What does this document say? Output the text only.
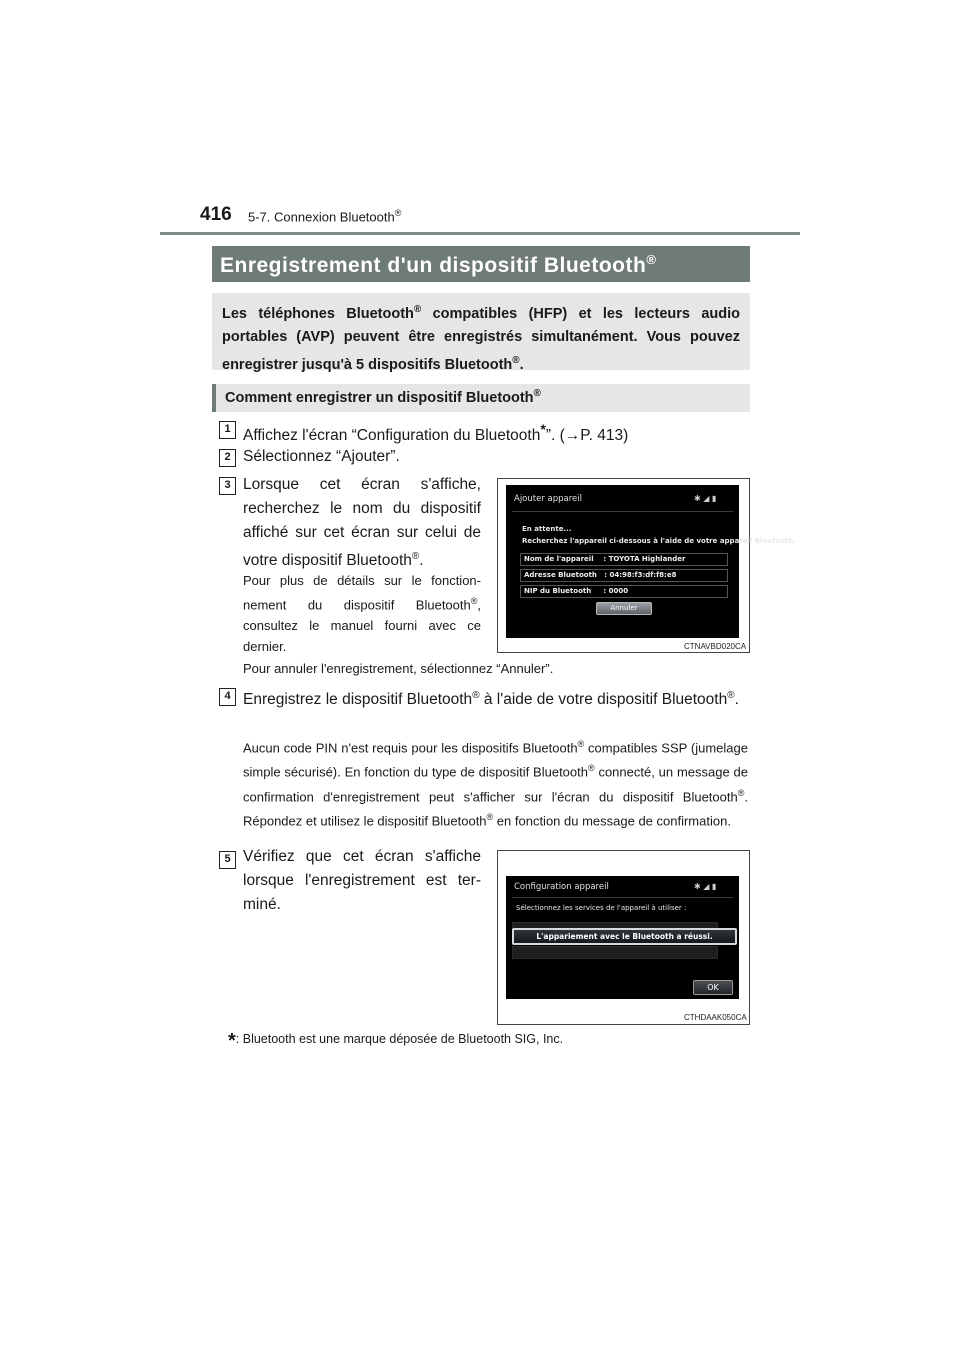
416 5-7. Connexion Bluetooth®
Enregistrement d'un dispositif Bluetooth®
Les téléphones Bluetooth® compatibles (HFP) et les lecteurs audio portables (AVP) peuvent être enregistrés simultanément. Vous pouvez enregistrer jusqu'à 5 dispositifs Bluetooth®.
Comment enregistrer un dispositif Bluetooth®
1 Affichez l'écran “Configuration du Bluetooth*”. (→P. 413)
2 Sélectionnez “Ajouter”.
3 Lorsque cet écran s'affiche, recherchez le nom du dispositif affiché sur cet écran sur celui de votre dispositif Bluetooth®.
Pour plus de détails sur le fonctionnement du dispositif Bluetooth®, consultez le manuel fourni avec ce dernier.
Pour annuler l'enregistrement, sélectionnez “Annuler”.
Ajouter appareil	✱ ◢ ▮
En attente...
Recherchez l'appareil ci-dessous à l'aide de votre appareil Bluetooth.
Nom de l'appareil : TOYOTA Highlander
Adresse Bluetooth : 04:98:f3:df:f8:e8
NIP du Bluetooth : 0000
Annuler
CTNAVBD020CA
4 Enregistrez le dispositif Bluetooth® à l'aide de votre dispositif Bluetooth®.
Aucun code PIN n'est requis pour les dispositifs Bluetooth® compatibles SSP (jumelage simple sécurisé). En fonction du type de dispositif Bluetooth® connecté, un message de confirmation d'enregistrement peut s'afficher sur l'écran du dispositif Bluetooth®. Répondez et utilisez le dispositif Bluetooth® en fonction du message de confirmation.
5 Vérifiez que cet écran s'affiche lorsque l'enregistrement est terminé.
Configuration appareil	✱ ◢ ▮
Sélectionnez les services de l'appareil à utiliser :
L'appariement avec le Bluetooth a réussi.
OK
CTHDAAK050CA
*: Bluetooth est une marque déposée de Bluetooth SIG, Inc.
